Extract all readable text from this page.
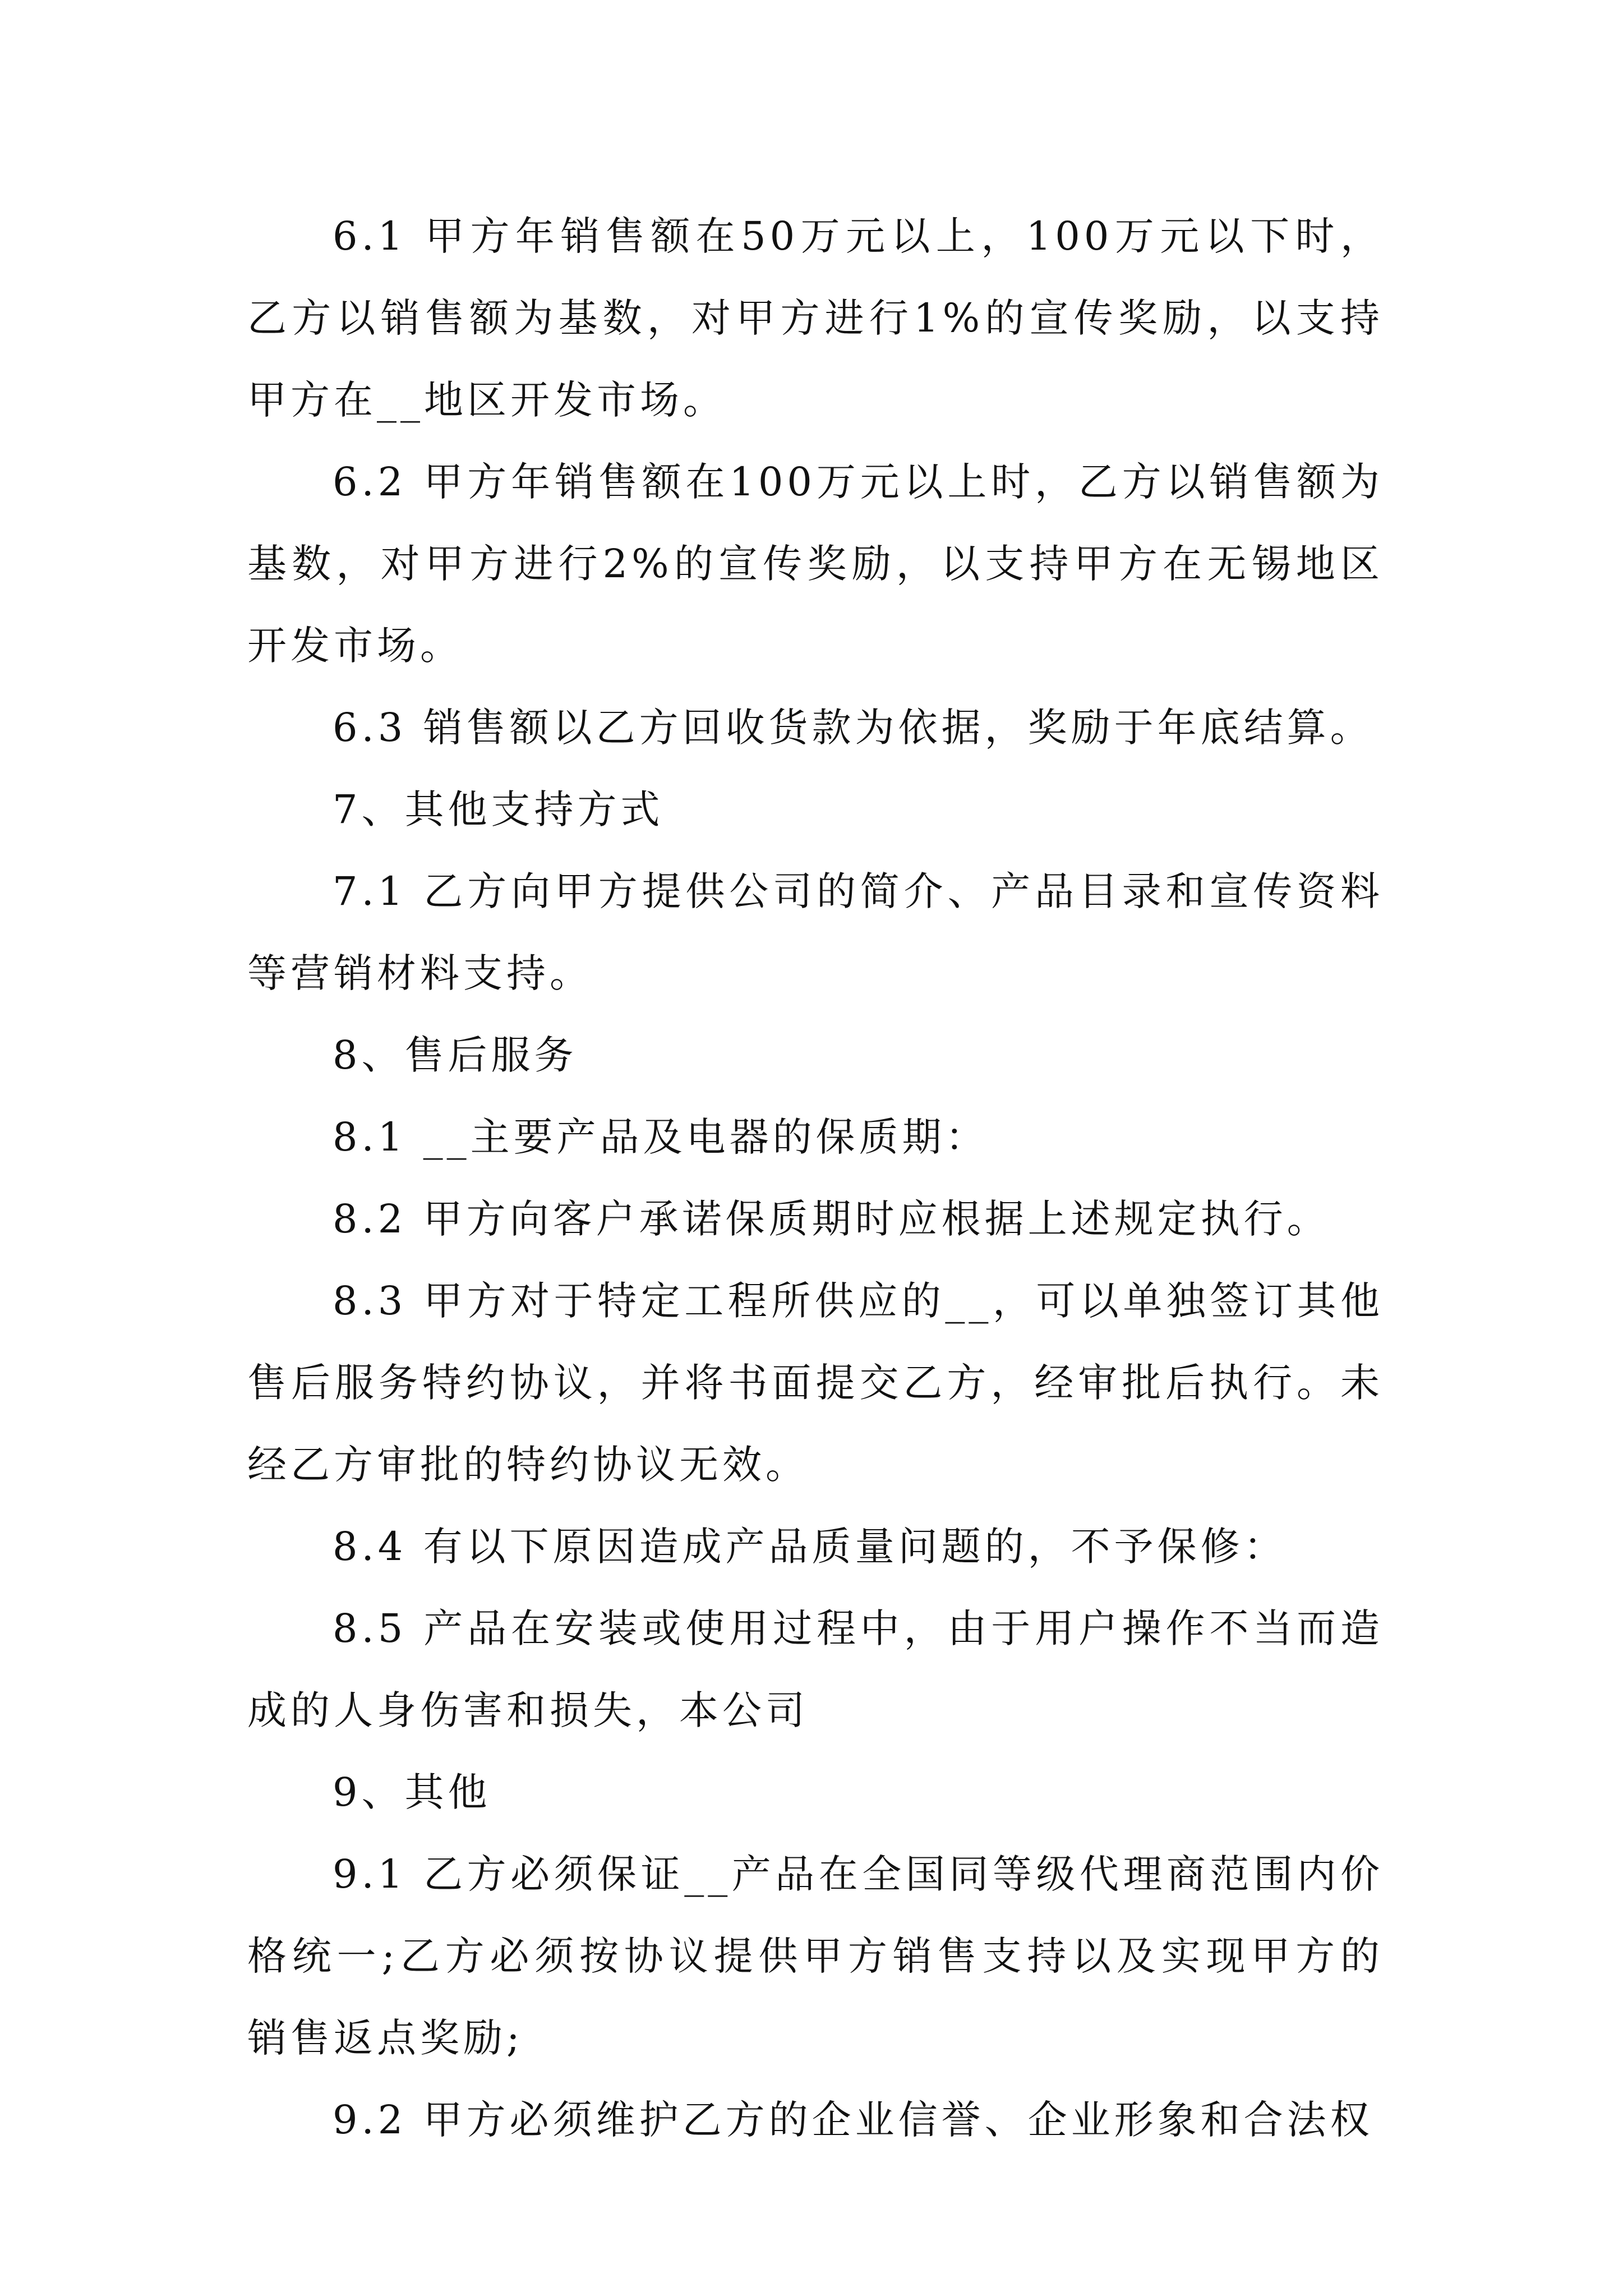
6.1 甲方年销售额在50万元以上，100万元以下时，乙方以销售额为基数，对甲方进行1%的宣传奖励，以支持甲方在__地区开发市场。

6.2 甲方年销售额在100万元以上时，乙方以销售额为基数，对甲方进行2%的宣传奖励，以支持甲方在无锡地区开发市场。

6.3 销售额以乙方回收货款为依据，奖励于年底结算。

7、其他支持方式

7.1 乙方向甲方提供公司的简介、产品目录和宣传资料等营销材料支持。

8、售后服务

8.1 __主要产品及电器的保质期：

8.2 甲方向客户承诺保质期时应根据上述规定执行。

8.3 甲方对于特定工程所供应的__，可以单独签订其他售后服务特约协议，并将书面提交乙方，经审批后执行。未经乙方审批的特约协议无效。

8.4 有以下原因造成产品质量问题的，不予保修：

8.5 产品在安装或使用过程中，由于用户操作不当而造成的人身伤害和损失，本公司

9、其他

9.1 乙方必须保证__产品在全国同等级代理商范围内价格统一;乙方必须按协议提供甲方销售支持以及实现甲方的销售返点奖励;

9.2 甲方必须维护乙方的企业信誉、企业形象和合法权
